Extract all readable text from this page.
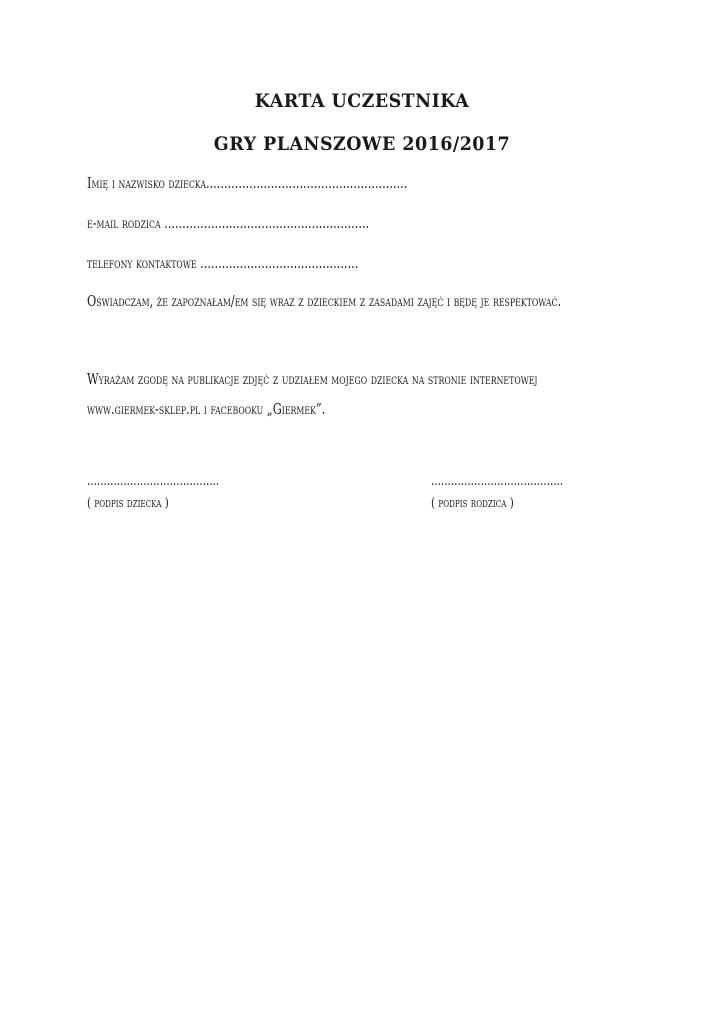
KARTA UCZESTNIKA
GRY PLANSZOWE 2016/2017
Imię i nazwisko dziecka........................................................
e-mail rodzica .........................................................
telefony kontaktowe ............................................
Oświadczam, że zapoznałam/em się wraz z dzieckiem z zasadami zajęć i będę je respektować.
Wyrażam zgodę na publikacje zdjęć z udziałem mojego dziecka na stronie internetowej
www.giermek-sklep.pl i facebooku „Giermek”.
........................................
( podpis dziecka )
........................................
( podpis rodzica )
